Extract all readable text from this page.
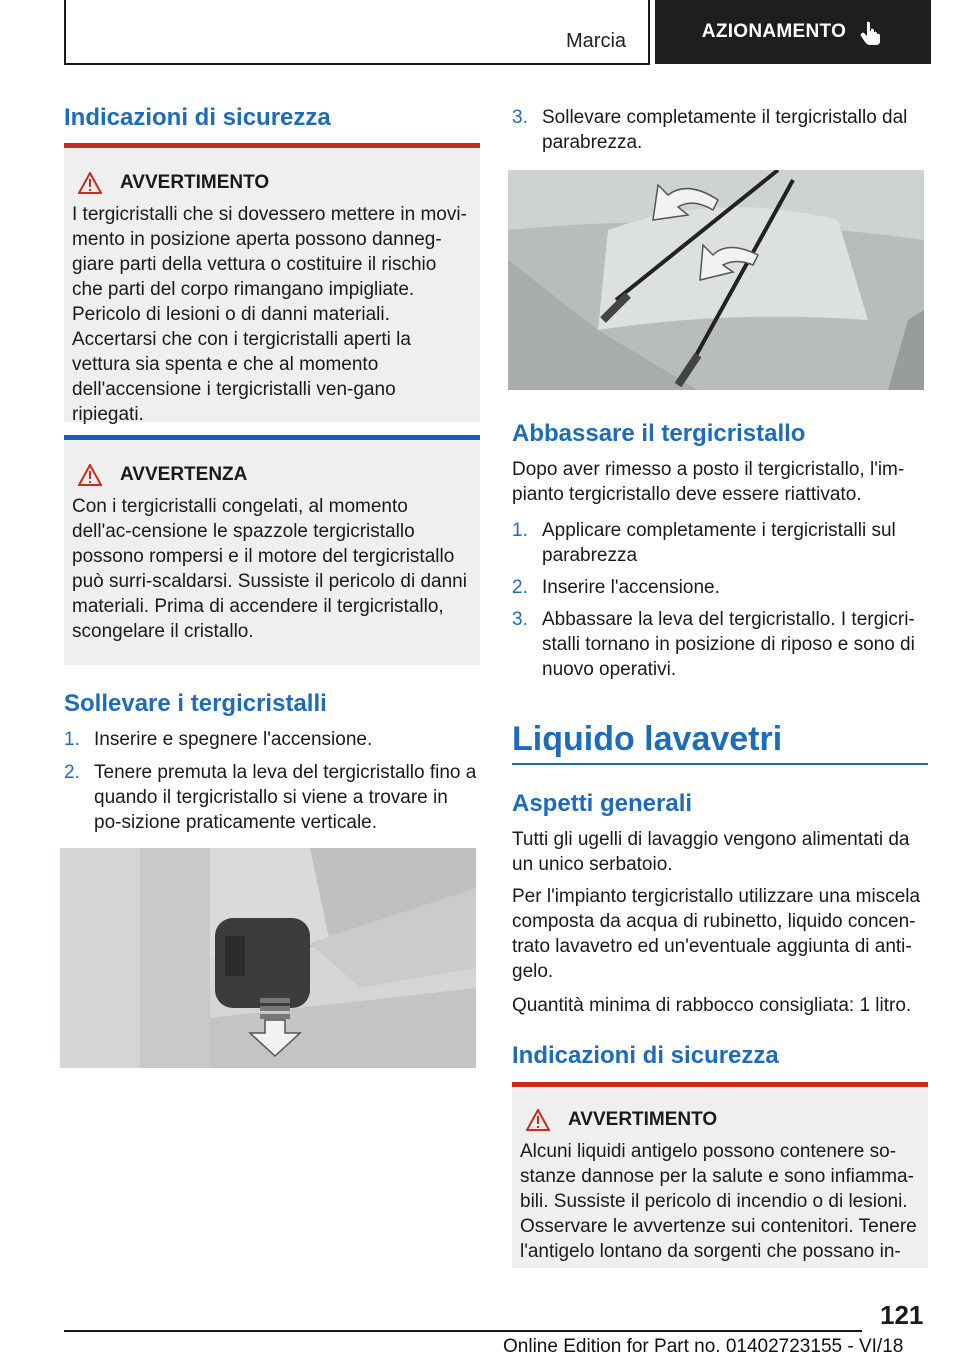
Marcia	AZIONAMENTO
Indicazioni di sicurezza
AVVERTIMENTO
I tergicristalli che si dovessero mettere in movi-mento in posizione aperta possono danneg-giare parti della vettura o costituire il rischio che parti del corpo rimangano impigliate. Pericolo di lesioni o di danni materiali. Accertarsi che con i tergicristalli aperti la vettura sia spenta e che al momento dell'accensione i tergicristalli ven-gano ripiegati.
AVVERTENZA
Con i tergicristalli congelati, al momento dell'ac-censione le spazzole tergicristallo possono rompersi e il motore del tergicristallo può surri-scaldarsi. Sussiste il pericolo di danni materiali. Prima di accendere il tergicristallo, scongelare il cristallo.
Sollevare i tergicristalli
1. Inserire e spegnere l'accensione.
2. Tenere premuta la leva del tergicristallo fino a quando il tergicristallo si viene a trovare in po-sizione praticamente verticale.
3. Sollevare completamente il tergicristallo dal parabrezza.
Abbassare il tergicristallo

Dopo aver rimesso a posto il tergicristallo, l'im-pianto tergicristallo deve essere riattivato.

1. Applicare completamente i tergicristalli sul parabrezza
2. Inserire l'accensione.
3. Abbassare la leva del tergicristallo. I tergicri-stalli tornano in posizione di riposo e sono di nuovo operativi.
Liquido lavavetri
Aspetti generali

Tutti gli ugelli di lavaggio vengono alimentati da un unico serbatoio.

Per l'impianto tergicristallo utilizzare una miscela composta da acqua di rubinetto, liquido concen-trato lavavetro ed un'eventuale aggiunta di anti-gelo.

Quantità minima di rabbocco consigliata: 1 litro.

Indicazioni di sicurezza
AVVERTIMENTO
Alcuni liquidi antigelo possono contenere so-stanze dannose per la salute e sono infiamma-bili. Sussiste il pericolo di incendio o di lesioni. Osservare le avvertenze sui contenitori. Tenere l'antigelo lontano da sorgenti che possano in-
121
Online Edition for Part no. 01402723155 - VI/18
